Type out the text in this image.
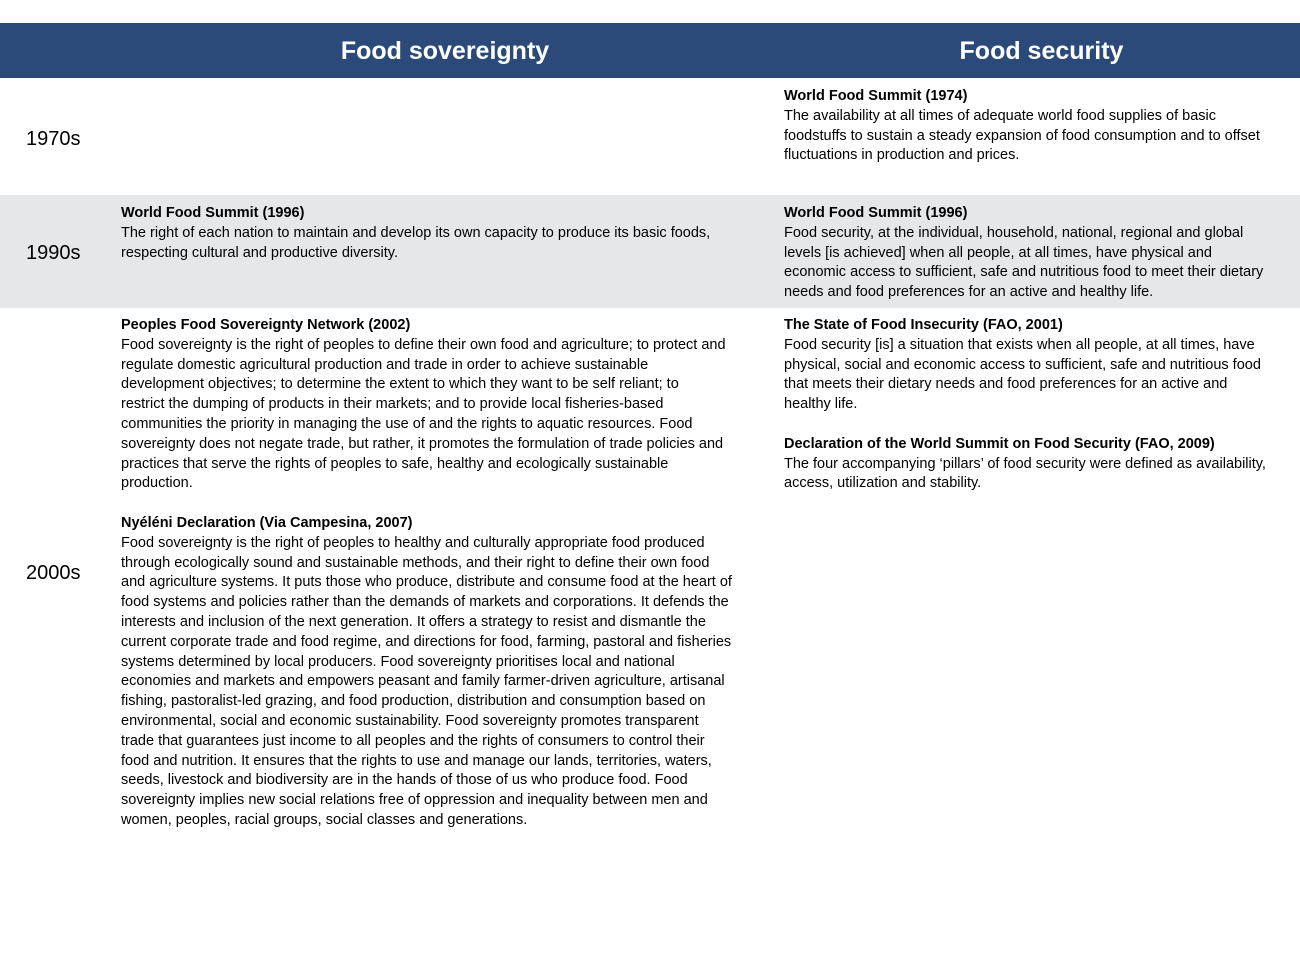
Food sovereignty	Food security
1970s
World Food Summit (1974)
The availability at all times of adequate world food supplies of basic
foodstuffs to sustain a steady expansion of food consumption and to offset
fluctuations in production and prices.
1990s
World Food Summit (1996)
The right of each nation to maintain and develop its own capacity to produce its basic foods,
respecting cultural and productive diversity.
World Food Summit (1996)
Food security, at the individual, household, national, regional and global
levels [is achieved] when all people, at all times, have physical and
economic access to sufficient, safe and nutritious food to meet their dietary
needs and food preferences for an active and healthy life.
2000s
Peoples Food Sovereignty Network (2002)
Food sovereignty is the right of peoples to define their own food and agriculture; to protect and
regulate domestic agricultural production and trade in order to achieve sustainable
development objectives; to determine the extent to which they want to be self reliant; to
restrict the dumping of products in their markets; and to provide local fisheries-based
communities the priority in managing the use of and the rights to aquatic resources. Food
sovereignty does not negate trade, but rather, it promotes the formulation of trade policies and
practices that serve the rights of peoples to safe, healthy and ecologically sustainable
production.
Nyéléni Declaration (Via Campesina, 2007)
Food sovereignty is the right of peoples to healthy and culturally appropriate food produced
through ecologically sound and sustainable methods, and their right to define their own food
and agriculture systems. It puts those who produce, distribute and consume food at the heart of
food systems and policies rather than the demands of markets and corporations. It defends the
interests and inclusion of the next generation. It offers a strategy to resist and dismantle the
current corporate trade and food regime, and directions for food, farming, pastoral and fisheries
systems determined by local producers. Food sovereignty prioritises local and national
economies and markets and empowers peasant and family farmer-driven agriculture, artisanal
fishing, pastoralist-led grazing, and food production, distribution and consumption based on
environmental, social and economic sustainability. Food sovereignty promotes transparent
trade that guarantees just income to all peoples and the rights of consumers to control their
food and nutrition. It ensures that the rights to use and manage our lands, territories, waters,
seeds, livestock and biodiversity are in the hands of those of us who produce food. Food
sovereignty implies new social relations free of oppression and inequality between men and
women, peoples, racial groups, social classes and generations.
The State of Food Insecurity (FAO, 2001)
Food security [is] a situation that exists when all people, at all times, have
physical, social and economic access to sufficient, safe and nutritious food
that meets their dietary needs and food preferences for an active and
healthy life.
Declaration of the World Summit on Food Security (FAO, 2009)
The four accompanying ‘pillars’ of food security were defined as availability,
access, utilization and stability.
